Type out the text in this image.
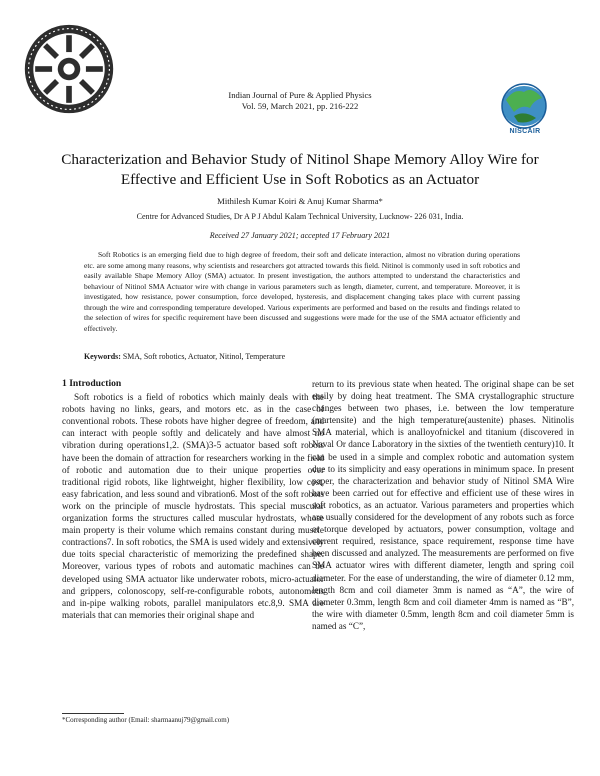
NISCAIR
Indian Journal of Pure & Applied Physics
Vol. 59, March 2021, pp. 216-222
Characterization and Behavior Study of Nitinol Shape Memory Alloy Wire for Effective and Efficient Use in Soft Robotics as an Actuator
Mithilesh Kumar Koiri & Anuj Kumar Sharma*
Centre for Advanced Studies, Dr A P J Abdul Kalam Technical University, Lucknow- 226 031, India.
Received 27 January 2021; accepted 17 February 2021
Soft Robotics is an emerging field due to high degree of freedom, their soft and delicate interaction, almost no vibration during operations etc. are some among many reasons, why scientists and researchers got attracted towards this field. Nitinol is commonly used in soft robotics and easily available Shape Memory Alloy (SMA) actuator. In present investigation, the authors attempted to understand the characteristics and behaviour of Nitinol SMA Actuator wire with change in various parameters such as length, diameter, current, and temperature. Moreover, it is investigated, how resistance, power consumption, force developed, hysteresis, and displacement changing takes place with current passing through the wire and corresponding temperature developed. Various experiments are performed and based on the results and findings related to the selection of wires for specific requirement have been discussed and suggestions were made for the use of the SMA actuator efficiently and effectively.
Keywords: SMA, Soft robotics, Actuator, Nitinol, Temperature
1 Introduction

Soft robotics is a field of robotics which mainly deals with the robots having no links, gears, and motors etc. as in the case of conventional robots. These robots have higher degree of freedom, and can interact with people softly and delicately and have almost no vibration during operations1,2. (SMA)3-5 actuator based soft robots have been the domain of attraction for researchers working in the field of robotic and automation due to their unique properties over traditional rigid robots, like lightweight, higher flexibility, low cost, easy fabrication, and less sound and vibration6. Most of the soft robots work on the principle of muscle hydrostats. This special muscular organization forms the structures called muscular hydrostats, whose main property is their volume which remains constant during muscle contractions7. In soft robotics, the SMA is used widely and extensively due toits special characteristic of memorizing the predefined shape. Moreover, various types of robots and automatic machines can be developed using SMA actuator like underwater robots, micro-actuator and grippers, colonoscopy, self-re-configurable robots, autonomous and in-pipe walking robots, parallel manipulators etc.8,9. SMA are materials that can memories their original shape and

return to its previous state when heated. The original shape can be set easily by doing heat treatment. The SMA crystallographic structure changes between two phases, i.e. between the low temperature (martensite) and the high temperature(austenite) phases. Nitinolis SMA material, which is analloyofnickel and titanium (discovered in Naval Or dance Laboratory in the sixties of the twentieth century)10. It can be used in a simple and complex robotic and automation system due to its simplicity and easy operations in minimum space. In present paper, the characterization and behavior study of Nitinol SMA Wire have been carried out for effective and efficient use of these wires in soft robotics, as an actuator. Various parameters and properties which are usually considered for the development of any robots such as force or torque developed by actuators, power consumption, voltage and current required, resistance, space requirement, response time have been discussed and analyzed. The measurements are performed on five SMA actuator wires with different diameter, length and spring coil diameter. For the ease of understanding, the wire of diameter 0.12 mm, length 8cm and coil diameter 3mm is named as “A”, the wire of diameter 0.3mm, length 8cm and coil diameter 4mm is named as “B”, the wire with diameter 0.5mm, length 8cm and coil diameter 5mm is named as “C”,

*Corresponding author (Email: sharmaanuj79@gmail.com)
